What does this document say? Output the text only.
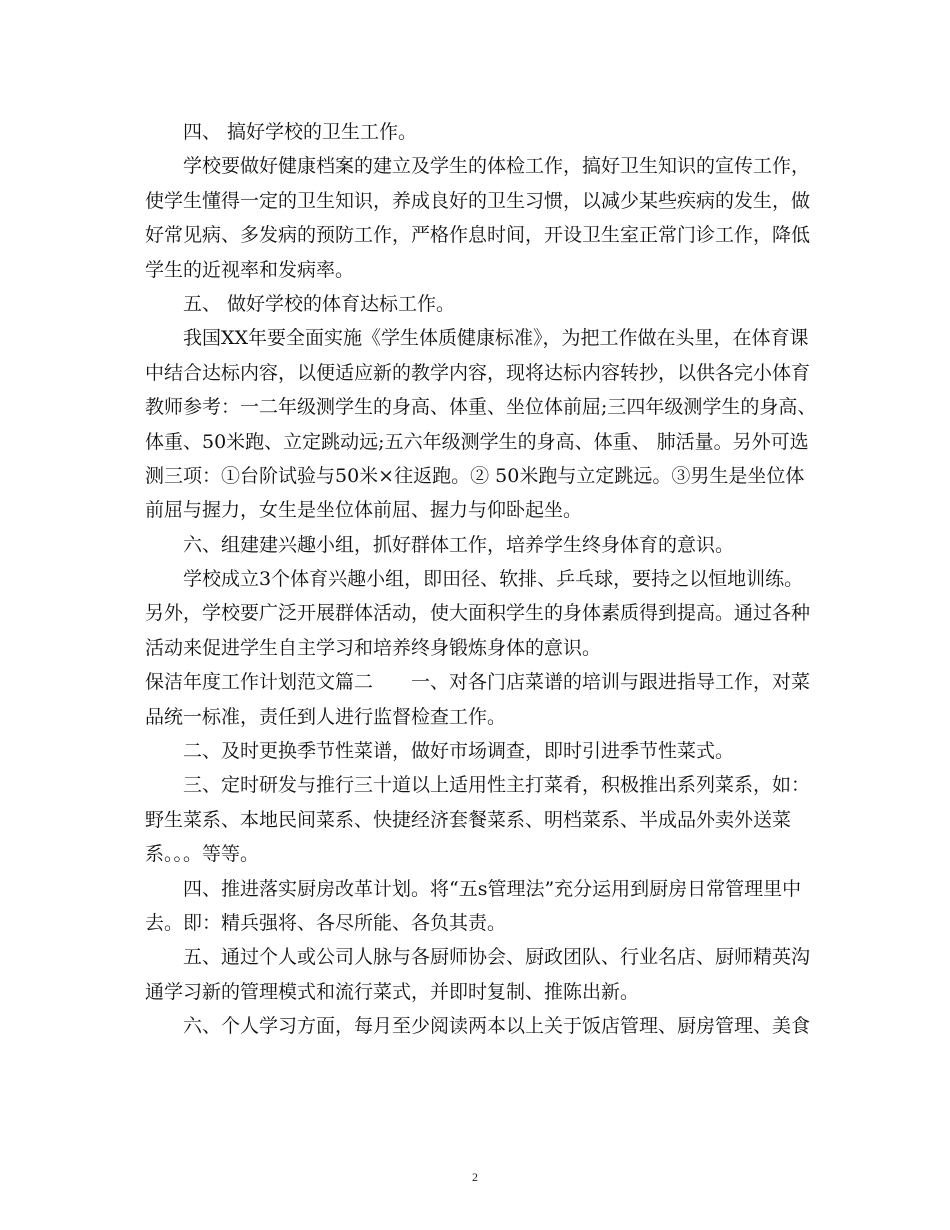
四、 搞好学校的卫生工作。
学校要做好健康档案的建立及学生的体检工作，搞好卫生知识的宣传工作，
使学生懂得一定的卫生知识，养成良好的卫生习惯，以减少某些疾病的发生，做
好常见病、多发病的预防工作，严格作息时间，开设卫生室正常门诊工作，降低
学生的近视率和发病率。
五、 做好学校的体育达标工作。
我国XX年要全面实施《学生体质健康标准》，为把工作做在头里，在体育课
中结合达标内容，以便适应新的教学内容，现将达标内容转抄，以供各完小体育
教师参考：一二年级测学生的身高、体重、坐位体前屈;三四年级测学生的身高、
体重、50米跑、立定跳动远;五六年级测学生的身高、体重、 肺活量。另外可选
测三项：①台阶试验与50米×往返跑。② 50米跑与立定跳远。③男生是坐位体
前屈与握力，女生是坐位体前屈、握力与仰卧起坐。
六、组建建兴趣小组，抓好群体工作，培养学生终身体育的意识。
学校成立3个体育兴趣小组，即田径、软排、乒乓球，要持之以恒地训练。
另外，学校要广泛开展群体活动，使大面积学生的身体素质得到提高。通过各种
活动来促进学生自主学习和培养终身锻炼身体的意识。
保洁年度工作计划范文篇二　　一、对各门店菜谱的培训与跟进指导工作，对菜
品统一标准，责任到人进行监督检查工作。
二、及时更换季节性菜谱，做好市场调查，即时引进季节性菜式。
三、定时研发与推行三十道以上适用性主打菜肴，积极推出系列菜系，如：
野生菜系、本地民间菜系、快捷经济套餐菜系、明档菜系、半成品外卖外送菜
系。。。等等。
四、推进落实厨房改革计划。将“五s管理法”充分运用到厨房日常管理里中
去。即：精兵强将、各尽所能、各负其责。
五、通过个人或公司人脉与各厨师协会、厨政团队、行业名店、厨师精英沟
通学习新的管理模式和流行菜式，并即时复制、推陈出新。
六、个人学习方面，每月至少阅读两本以上关于饭店管理、厨房管理、美食
2
